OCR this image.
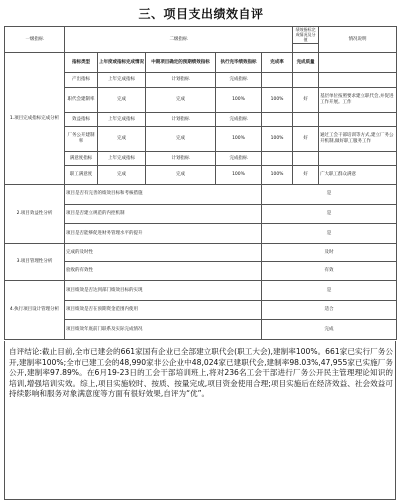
三、项目支出绩效自评
一级指标	二级指标					绩效指标完成情况及分值	情况说明

1.项目完成指标完成分析	指标类型	上年度或指标完成情况	中期项目确定的预期绩效指标	执行完毕绩效指标	完成率	完成质量	
	产出指标	上年完成指标	计划指标	完成指标			
	职代会建制率	完成	完成	100%	100%	好	基层单位按照要求建立职代会,并促进工作开展。工作
	效益指标	上年完成指标	计划指标	完成指标			
	厂务公开建制率	完成	完成	100%	100%	好	通过工会干部培训等方式,建立厂务公开机制,做好职工服务工作
	满意度指标	上年完成指标	计划指标	完成指标			
	职工满意度	完成	完成	100%	100%	好	广大职工群众满意
2.项目效益性分析	项目是否有完善的绩效目标和考核措施				是		
	项目是否建立规范的内控机制				是		
	项目是否能够促进财务管理水平的提升				是		
3.项目管理性分析	完成的及时性				及时		
	验收的有效性				有效		
4.执行项目设计管理分析	项目绩效是否达到部门绩效目标的实现				是		
	项目绩效是否在预期资金范围内使用				适合		
	项目绩效年底前门联系及实际完成情况				完成		
自评结论:截止目前,全市已建会的661家国有企业已全部建立职代会(职工大会),建制率100%。661家已实行厂务公开,建制率100%;全市已建工会的48,990家非公企业中48,024家已建职代会,建制率98.03%,47,955家已实施厂务公开,建制率97.89%。在6月19-23日的工会干部培训班上,将对236名工会干部进行厂务公开民主管理理论知识的培训,增强培训实效。综上,项目实施较时、按质、按量完成,项目资金使用合理;项目实施后在经济效益、社会效益可持续影响和服务对象满意度等方面有很好效果,自评为“优”。
